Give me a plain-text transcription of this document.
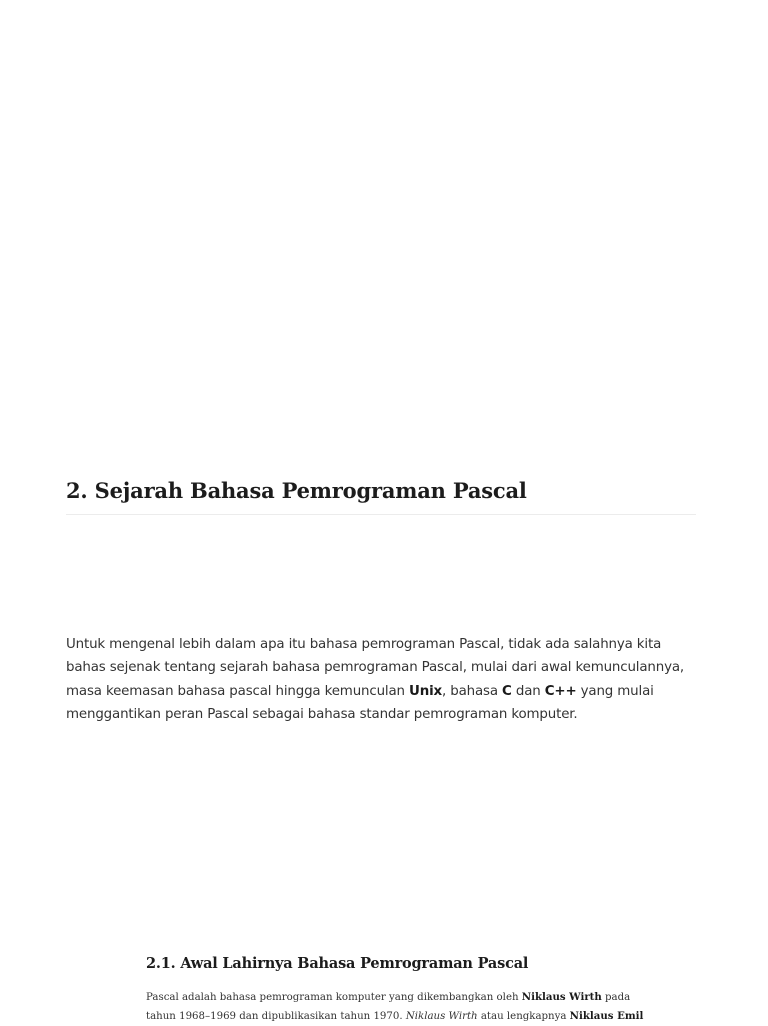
2. Sejarah Bahasa Pemrograman Pascal

Untuk mengenal lebih dalam apa itu bahasa pemrograman Pascal, tidak ada salahnya kita
bahas sejenak tentang sejarah bahasa pemrograman Pascal, mulai dari awal kemunculannya,
masa keemasan bahasa pascal hingga kemunculan Unix, bahasa C dan C++ yang mulai
menggantikan peran Pascal sebagai bahasa standar pemrograman komputer.

2.1. Awal Lahirnya Bahasa Pemrograman Pascal

Pascal adalah bahasa pemrograman komputer yang dikembangkan oleh Niklaus Wirth pada
tahun 1968–1969 dan dipublikasikan tahun 1970. Niklaus Wirth atau lengkapnya Niklaus Emil
